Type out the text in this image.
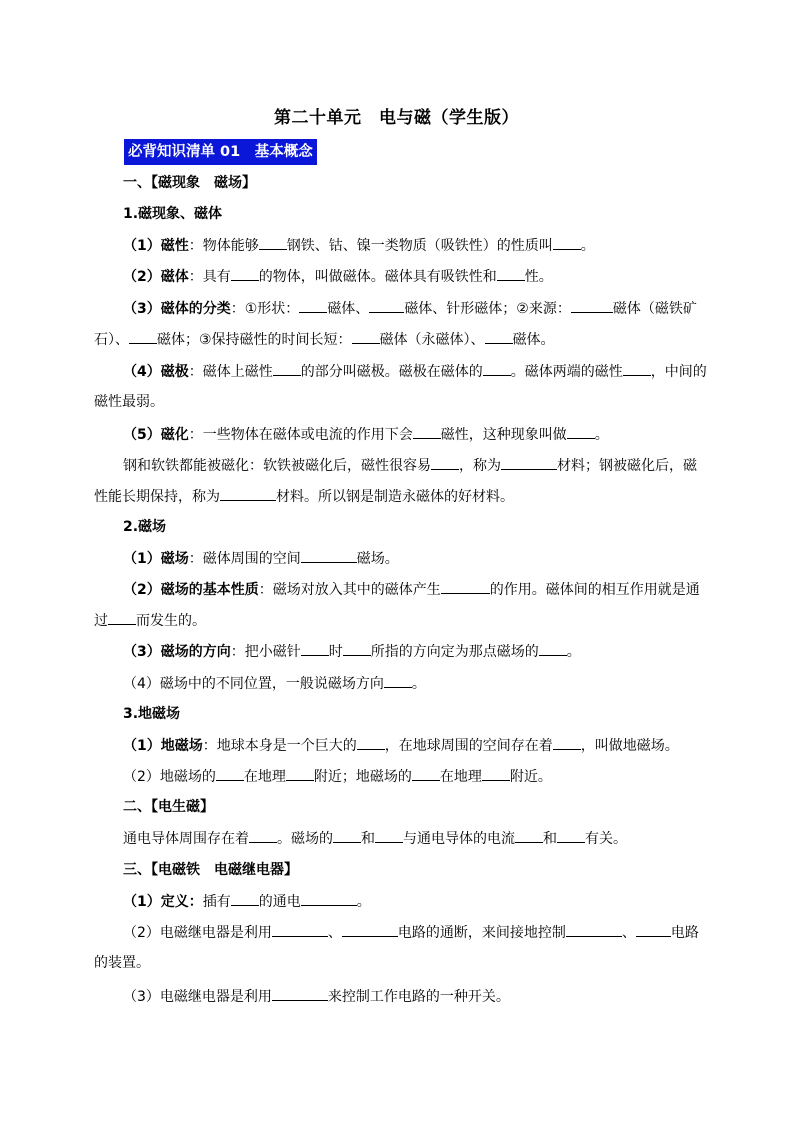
第二十单元　电与磁（学生版）
必背知识清单 01　基本概念
一、【磁现象　磁场】
1.磁现象、磁体
（1）磁性：物体能够 钢铁、钴、镍一类物质（吸铁性）的性质叫 。
（2）磁体：具有 的物体，叫做磁体。磁体具有吸铁性和 性。
（3）磁体的分类：①形状： 磁体、	磁体、针形磁体；②来源：	磁体（磁铁矿
石）、 磁体；③保持磁性的时间长短： 磁体（永磁体）、 磁体。
（4）磁极：磁体上磁性 的部分叫磁极。磁极在磁体的 。磁体两端的磁性 ，中间的
磁性最弱。
（5）磁化：一些物体在磁体或电流的作用下会 磁性，这种现象叫做 。
钢和软铁都能被磁化：软铁被磁化后，磁性很容易 ，称为	材料；钢被磁化后，磁
性能长期保持，称为	材料。所以钢是制造永磁体的好材料。
2.磁场
（1）磁场：磁体周围的空间	磁场。
（2）磁场的基本性质：磁场对放入其中的磁体产生	的作用。磁体间的相互作用就是通
过 而发生的。
（3）磁场的方向：把小磁针 时 所指的方向定为那点磁场的 。
（4）磁场中的不同位置，一般说磁场方向 。
3.地磁场
（1）地磁场：地球本身是一个巨大的 ，在地球周围的空间存在着 ，叫做地磁场。
（2）地磁场的 在地理 附近；地磁场的 在地理 附近。
二、【电生磁】
通电导体周围存在着 。磁场的 和 与通电导体的电流 和 有关。
三、【电磁铁　电磁继电器】
（1）定义：插有 的通电	。
（2）电磁继电器是利用	、	电路的通断，来间接地控制	、	电路
的装置。
（3）电磁继电器是利用	来控制工作电路的一种开关。
